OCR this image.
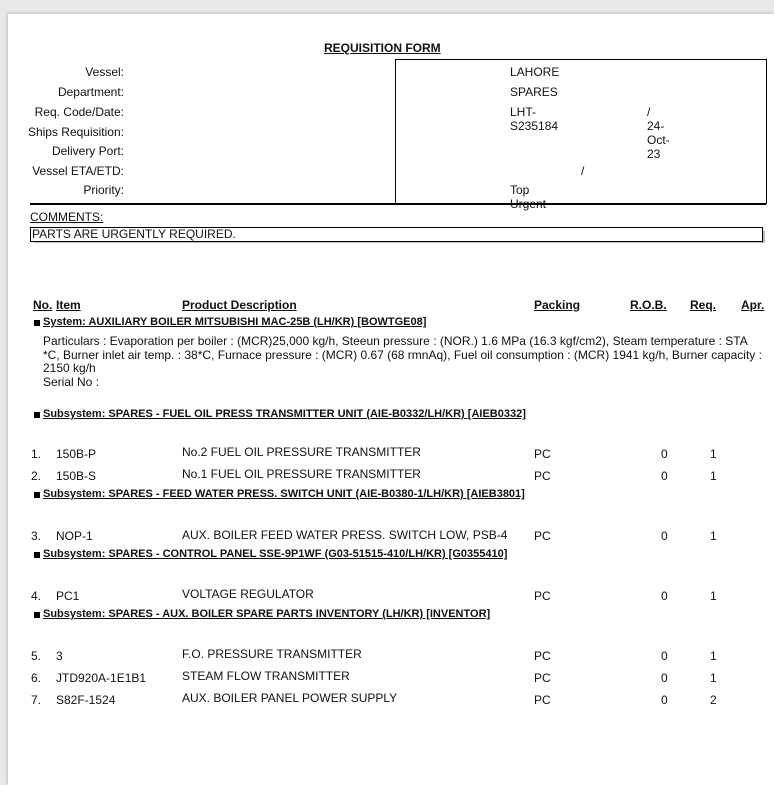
REQUISITION FORM
Vessel:	LAHORE
Department:	SPARES
Req. Code/Date:	LHT-S235184
/ 24-Oct-23
Ships Requisition:
Delivery Port:
Vessel ETA/ETD:	/
Priority:	Top
COMMENTS:
PARTS ARE URGENTLY REQUIRED.
No. Item	Product Description	Packing	R.O.B. Req. Apr.
System: AUXILIARY BOILER MITSUBISHI MAC-25B (LH/KR) [BOWTGE08]
Particulars : Evaporation per boiler : (MCR)25,000 kg/h, Steeun pressure : (NOR.) 1.6 MPa (16.3 kgf/cm2), Steam temperature : STA *C, Burner inlet air temp. : 38*C, Furnace pressure : (MCR) 0.67 (68 rmnAq), Fuel oil consumption : (MCR) 1941 kg/h, Burner capacity : 2150 kg/h
Serial No :
Subsystem: SPARES - FUEL OIL PRESS TRANSMITTER UNIT (AIE-B0332/LH/KR) [AIEB0332]
1. 150B-P	No.2 FUEL OIL PRESSURE TRANSMITTER	PC	0	1
2. 150B-S	No.1 FUEL OIL PRESSURE TRANSMITTER	PC	0	1
Subsystem: SPARES - FEED WATER PRESS. SWITCH UNIT (AIE-B0380-1/LH/KR) [AIEB3801]
3. NOP-1	AUX. BOILER FEED WATER PRESS. SWITCH LOW, PSB-4 PC	0	1
Subsystem: SPARES - CONTROL PANEL SSE-9P1WF (G03-51515-410/LH/KR) [G0355410]
4. PC1	VOLTAGE REGULATOR	PC	0	1
Subsystem: SPARES - AUX. BOILER SPARE PARTS INVENTORY (LH/KR) [INVENTOR]
5. 3	F.O. PRESSURE TRANSMITTER	PC	0	1
6. JTD920A-1E1B1	STEAM FLOW TRANSMITTER	PC	0	1
7. S82F-1524	AUX. BOILER PANEL POWER SUPPLY	PC	0	2
